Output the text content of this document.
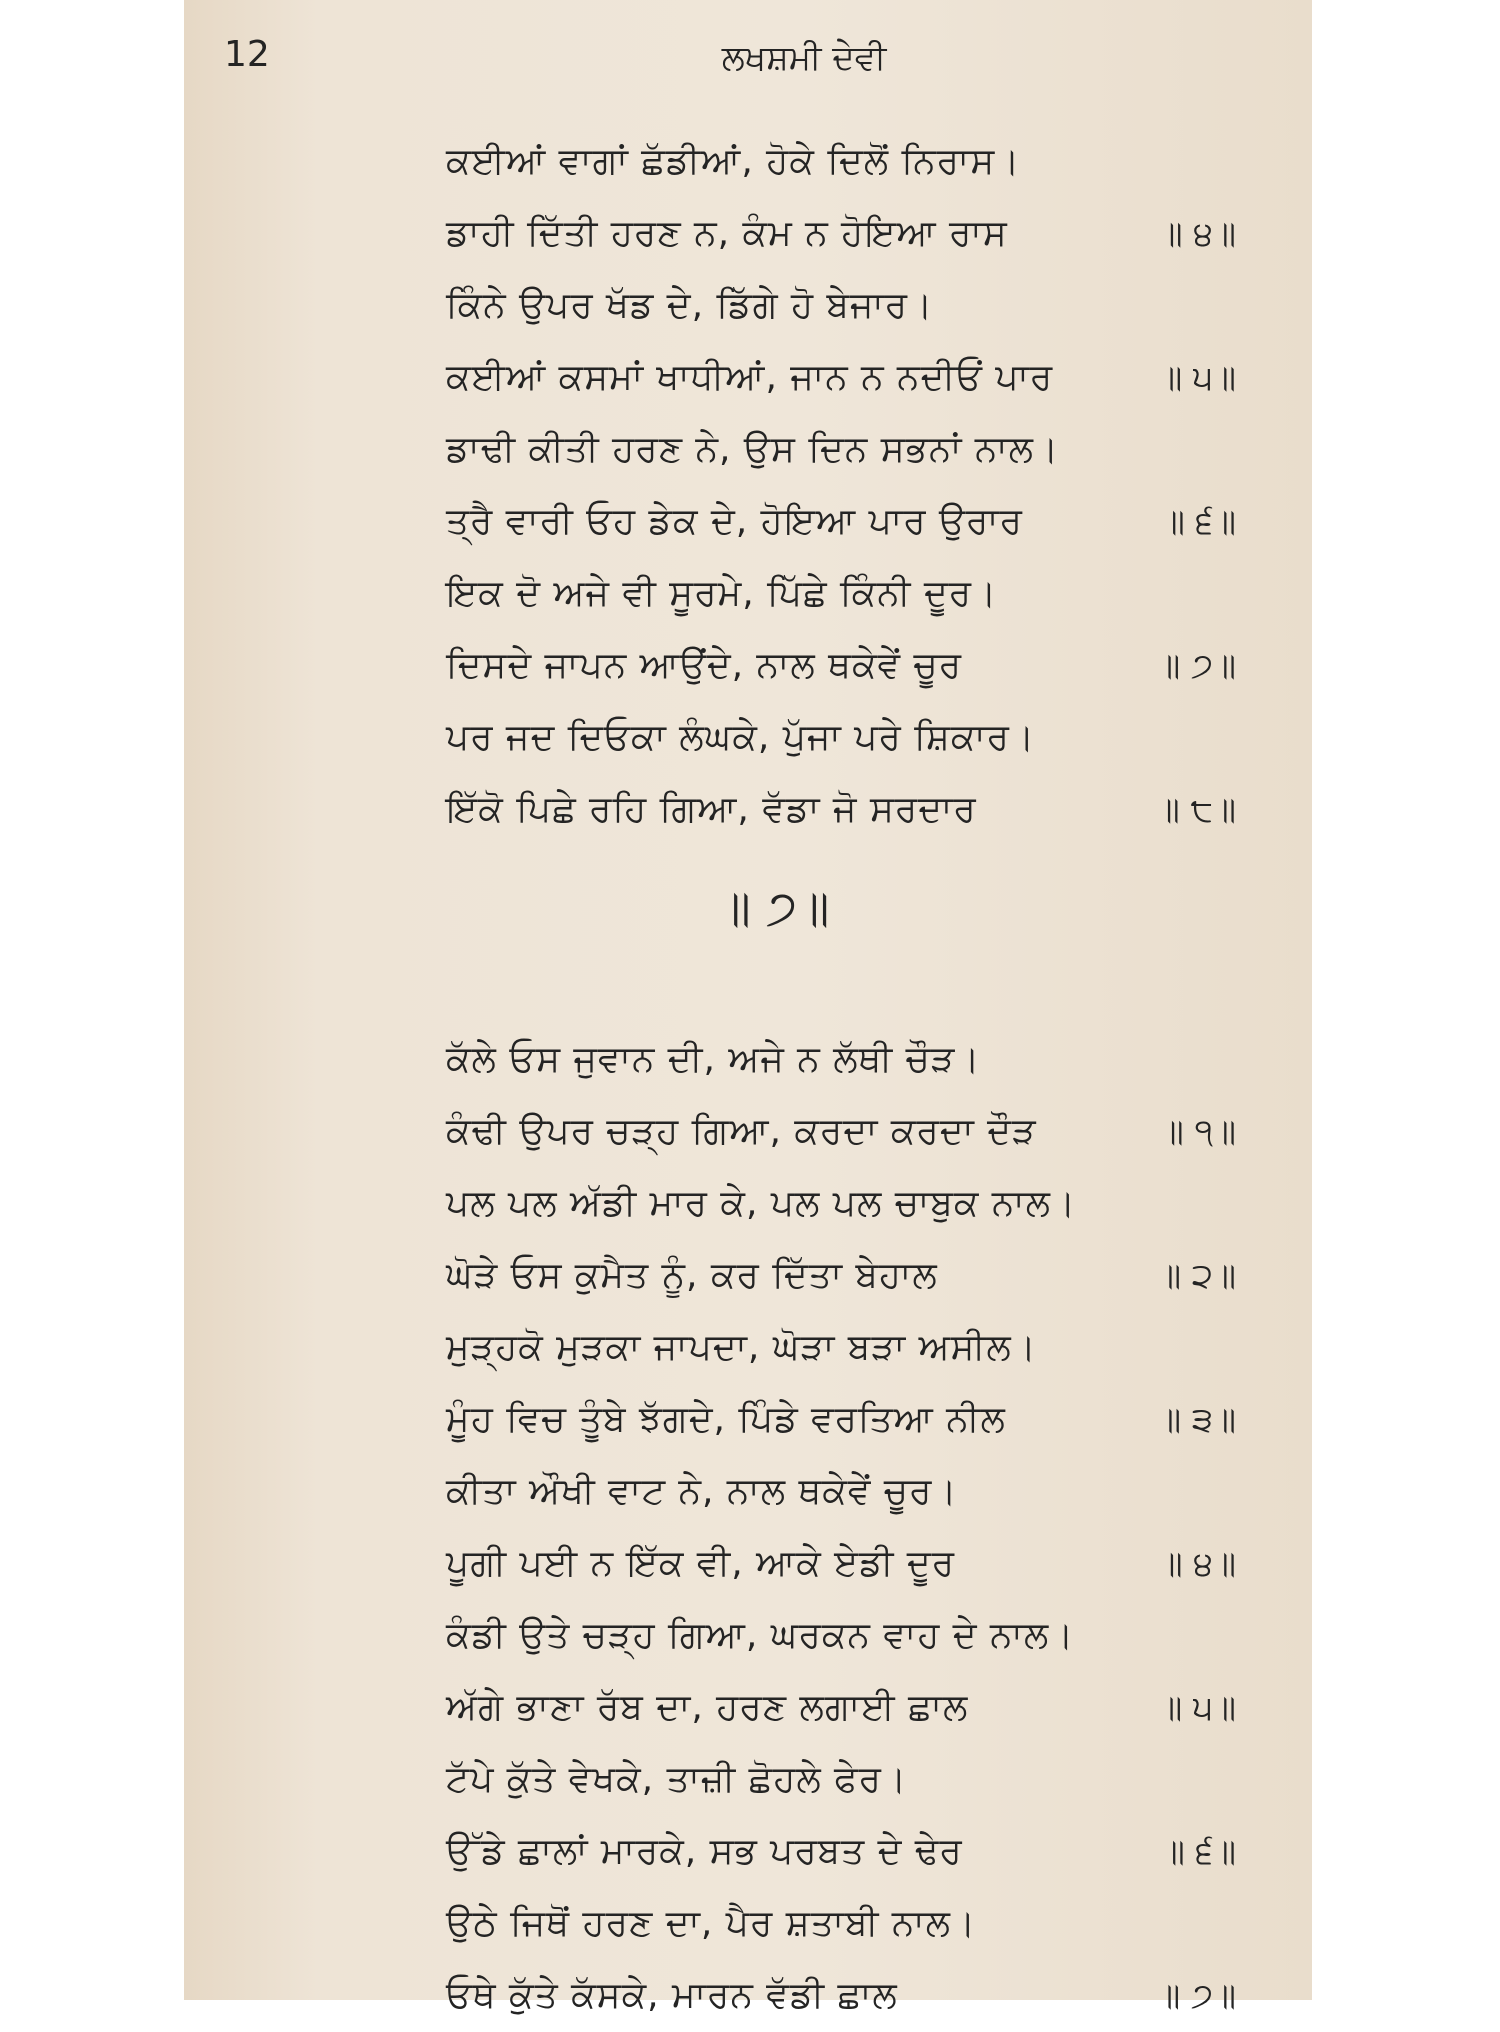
12	ਲਖਸ਼ਮੀ ਦੇਵੀ
ਕਈਆਂ ਵਾਗਾਂ ਛੱਡੀਆਂ, ਹੋਕੇ ਦਿਲੋਂ ਨਿਰਾਸ।
ਡਾਹੀ ਦਿੱਤੀ ਹਰਣ ਨ, ਕੰਮ ਨ ਹੋਇਆ ਰਾਸ	॥ ੪॥
ਕਿੰਨੇ ਉਪਰ ਖੱਡ ਦੇ, ਡਿੱਗੇ ਹੋ ਬੇਜਾਰ।
ਕਈਆਂ ਕਸਮਾਂ ਖਾਧੀਆਂ, ਜਾਨ ਨ ਨਦੀਓਂ ਪਾਰ	॥ ੫॥
ਡਾਢੀ ਕੀਤੀ ਹਰਣ ਨੇ, ਉਸ ਦਿਨ ਸਭਨਾਂ ਨਾਲ।
ਤ੍ਰੈ ਵਾਰੀ ਓਹ ਡੇਕ ਦੇ, ਹੋਇਆ ਪਾਰ ਉਰਾਰ	॥ ੬॥
ਇਕ ਦੋ ਅਜੇ ਵੀ ਸੂਰਮੇ, ਪਿੱਛੇ ਕਿੰਨੀ ਦੂਰ।
ਦਿਸਦੇ ਜਾਪਨ ਆਉਂਦੇ, ਨਾਲ ਥਕੇਵੇਂ ਚੂਰ	॥ ੭॥
ਪਰ ਜਦ ਦਿਓਕਾ ਲੰਘਕੇ, ਪੁੱਜਾ ਪਰੇ ਸ਼ਿਕਾਰ।
ਇੱਕੋ ਪਿਛੇ ਰਹਿ ਗਿਆ, ਵੱਡਾ ਜੋ ਸਰਦਾਰ	॥ ੮॥
॥ ੭॥
ਕੱਲੇ ਓਸ ਜੁਵਾਨ ਦੀ, ਅਜੇ ਨ ਲੱਥੀ ਚੌੜ।
ਕੰਢੀ ਉਪਰ ਚੜ੍ਹ ਗਿਆ, ਕਰਦਾ ਕਰਦਾ ਦੌੜ	॥ ੧॥
ਪਲ ਪਲ ਅੱਡੀ ਮਾਰ ਕੇ, ਪਲ ਪਲ ਚਾਬੁਕ ਨਾਲ।
ਘੋੜੇ ਓਸ ਕੁਮੈਤ ਨੂੰ, ਕਰ ਦਿੱਤਾ ਬੇਹਾਲ	॥ ੨॥
ਮੁੜ੍ਹਕੋ ਮੁੜਕਾ ਜਾਪਦਾ, ਘੋੜਾ ਬੜਾ ਅਸੀਲ।
ਮੂੰਹ ਵਿਚ ਤੂੰਬੇ ਝੱਗਦੇ, ਪਿੰਡੇ ਵਰਤਿਆ ਨੀਲ	॥ ੩॥
ਕੀਤਾ ਔਖੀ ਵਾਟ ਨੇ, ਨਾਲ ਥਕੇਵੇਂ ਚੂਰ।
ਪੂਗੀ ਪਈ ਨ ਇੱਕ ਵੀ, ਆਕੇ ਏਡੀ ਦੂਰ	॥ ੪॥
ਕੰਡੀ ਉਤੇ ਚੜ੍ਹ ਗਿਆ, ਘਰਕਨ ਵਾਹ ਦੇ ਨਾਲ।
ਅੱਗੇ ਭਾਣਾ ਰੱਬ ਦਾ, ਹਰਣ ਲਗਾਈ ਛਾਲ	॥ ੫॥
ਟੱਪੇ ਕੁੱਤੇ ਵੇਖਕੇ, ਤਾਜ਼ੀ ਛੋਹਲੇ ਫੇਰ।
ਉੱਡੇ ਛਾਲਾਂ ਮਾਰਕੇ, ਸਭ ਪਰਬਤ ਦੇ ਢੇਰ	॥ ੬॥
ਉਠੇ ਜਿਥੋਂ ਹਰਣ ਦਾ, ਪੈਰ ਸ਼ਤਾਬੀ ਨਾਲ।
ਓਥੇ ਕੁੱਤੇ ਕੱਸਕੇ, ਮਾਰਨ ਵੱਡੀ ਛਾਲ	॥ ੭॥
